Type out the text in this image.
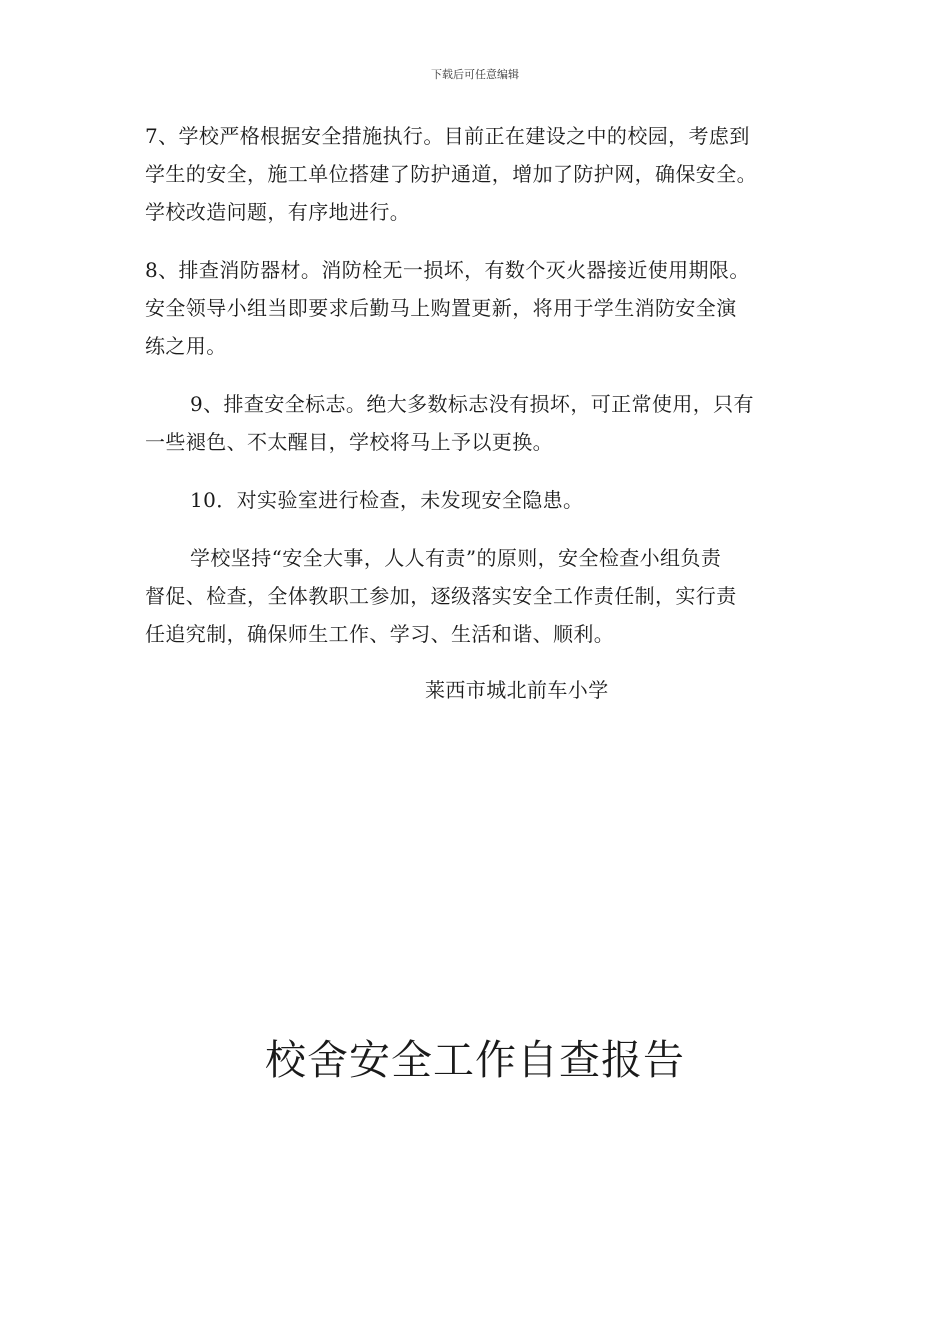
下载后可任意编辑
7、学校严格根据安全措施执行。目前正在建设之中的校园，考虑到
学生的安全，施工单位搭建了防护通道，增加了防护网，确保安全。
学校改造问题，有序地进行。
8、排查消防器材。消防栓无一损坏，有数个灭火器接近使用期限。
安全领导小组当即要求后勤马上购置更新，将用于学生消防安全演
练之用。
9、排查安全标志。绝大多数标志没有损坏，可正常使用，只有
一些褪色、不太醒目，学校将马上予以更换。
10．对实验室进行检查，未发现安全隐患。
学校坚持“安全大事，人人有责”的原则，安全检查小组负责
督促、检查，全体教职工参加，逐级落实安全工作责任制，实行责
任追究制，确保师生工作、学习、生活和谐、顺利。
莱西市城北前车小学
校舍安全工作自查报告
